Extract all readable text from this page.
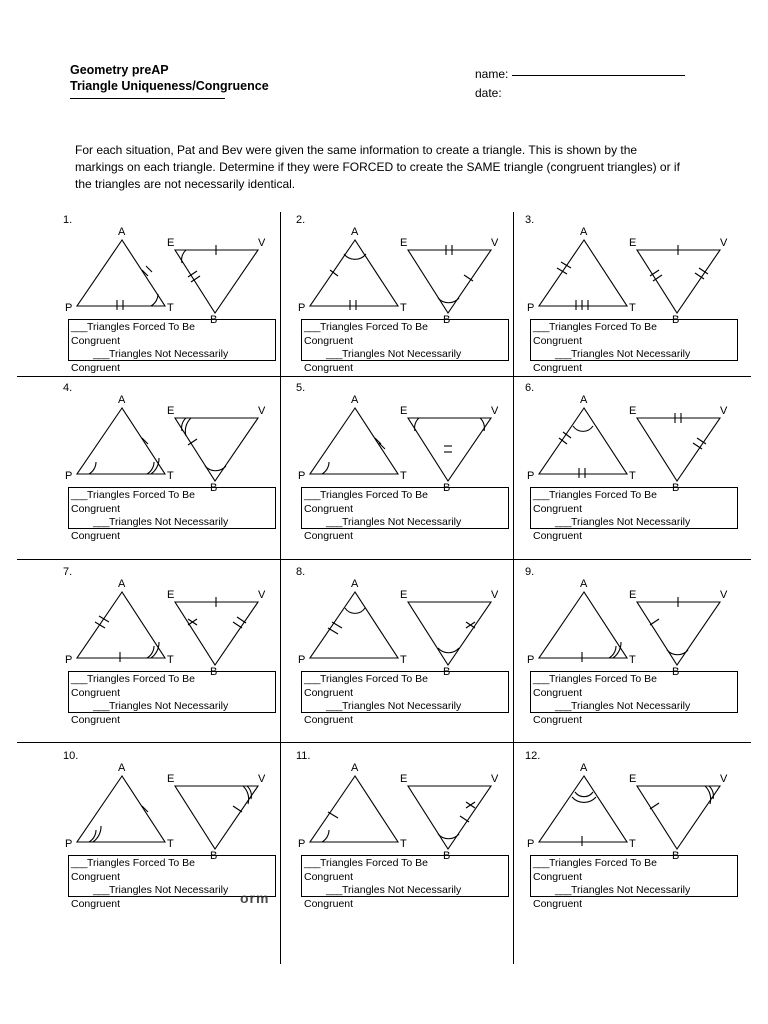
Geometry preAP
Triangle Uniqueness/Congruence
name:
date:
For each situation, Pat and Bev were given the same information to create a triangle. This is shown by the markings on each triangle. Determine if they were FORCED to create the SAME triangle (congruent triangles) or if the triangles are not necessarily identical.
1.
A
P	T
E	V
B
___Triangles Forced To Be
Congruent
___Triangles Not Necessarily
Congruent
2.
A
P	T
E	V
B
___Triangles Forced To Be
Congruent
___Triangles Not Necessarily
Congruent
3.
A
P	T
E	V
B
___Triangles Forced To Be
Congruent
___Triangles Not Necessarily
Congruent
4.
A
P	T
E	V
B
___Triangles Forced To Be
Congruent
___Triangles Not Necessarily
Congruent
5.
A
P	T
E	V
B
___Triangles Forced To Be
Congruent
___Triangles Not Necessarily
Congruent
6.
A
P	T
E	V
B
___Triangles Forced To Be
Congruent
___Triangles Not Necessarily
Congruent
7.
A
P	T
E	V
B
___Triangles Forced To Be
Congruent
___Triangles Not Necessarily
Congruent
8.
A
P	T
E	V
B
___Triangles Forced To Be
Congruent
___Triangles Not Necessarily
Congruent
9.
A
P	T
E	V
B
___Triangles Forced To Be
Congruent
___Triangles Not Necessarily
Congruent
10.
A
P	T
E	V
B
___Triangles Forced To Be
Congruent
___Triangles Not Necessarily
Congruent
11.
A
P	T
E	V
B
___Triangles Forced To Be
Congruent
___Triangles Not Necessarily
Congruent
12.
A
P	T
E	V
B
___Triangles Forced To Be
Congruent
___Triangles Not Necessarily
Congruent
orm
